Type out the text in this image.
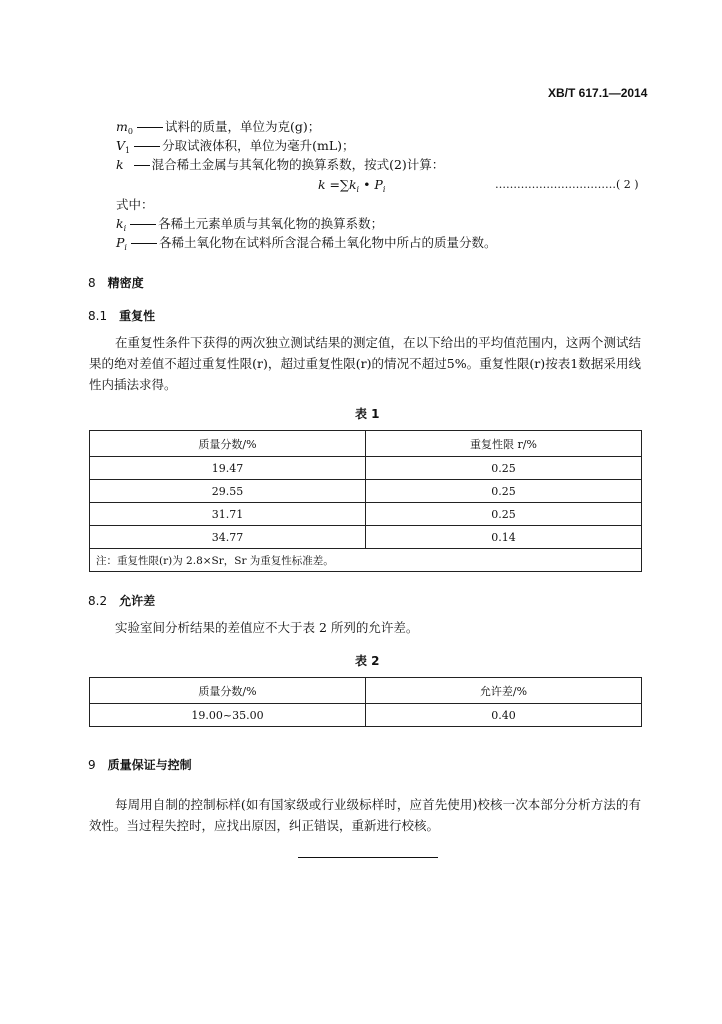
XB/T 617.1—2014
$m_0$	试料的质量，单位为克(g)；
$V_1$	分取试液体积，单位为毫升(mL)；
k 混合稀土金属与其氧化物的换算系数，按式(2)计算：
$k =\sum k_i$ • $P_i$	……………………………( 2 )
式中：
$k_i$	各稀土元素单质与其氧化物的换算系数；
$P_i$	各稀土氧化物在试料所含混合稀土氧化物中所占的质量分数。
8 精密度
8.1 重复性
在重复性条件下获得的两次独立测试结果的测定值，在以下给出的平均值范围内，这两个测试结果的绝对差值不超过重复性限(r)，超过重复性限(r)的情况不超过5%。重复性限(r)按表1数据采用线性内插法求得。
表 1
质量分数/%	重复性限 r/%
19.47	0.25
29.55	0.25
31.71	0.25
34.77	0.14
注：重复性限(r)为 2.8×Sr，Sr 为重复性标准差。	
8.2 允许差
实验室间分析结果的差值应不大于表 2 所列的允许差。
表 2
质量分数/%	允许差/%
19.00~35.00	0.40
9 质量保证与控制
每周用自制的控制标样(如有国家级或行业级标样时，应首先使用)校核一次本部分分析方法的有效性。当过程失控时，应找出原因，纠正错误，重新进行校核。
